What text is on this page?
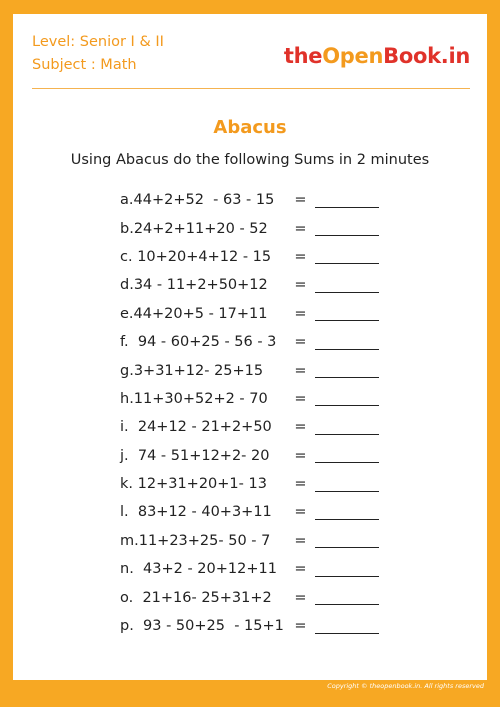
Level: Senior I & II
Subject : Math	theOpenBook.in
Abacus
Using Abacus do the following Sums in 2 minutes
a.44+2+52  - 63 - 15	=
b.24+2+11+20 - 52	=
c. 10+20+4+12 - 15	=
d.34 - 11+2+50+12	=
e.44+20+5 - 17+11	=
f.  94 - 60+25 - 56 - 3	=
g.3+31+12- 25+15	=
h.11+30+52+2 - 70	=
i.  24+12 - 21+2+50	=
j.  74 - 51+12+2- 20	=
k. 12+31+20+1- 13	=
l.  83+12 - 40+3+11	=
m.11+23+25- 50 - 7	=
n.  43+2 - 20+12+11	=
o.  21+16- 25+31+2	=
p.  93 - 50+25  - 15+1 =
Copyright © theopenbook.in. All rights reserved
